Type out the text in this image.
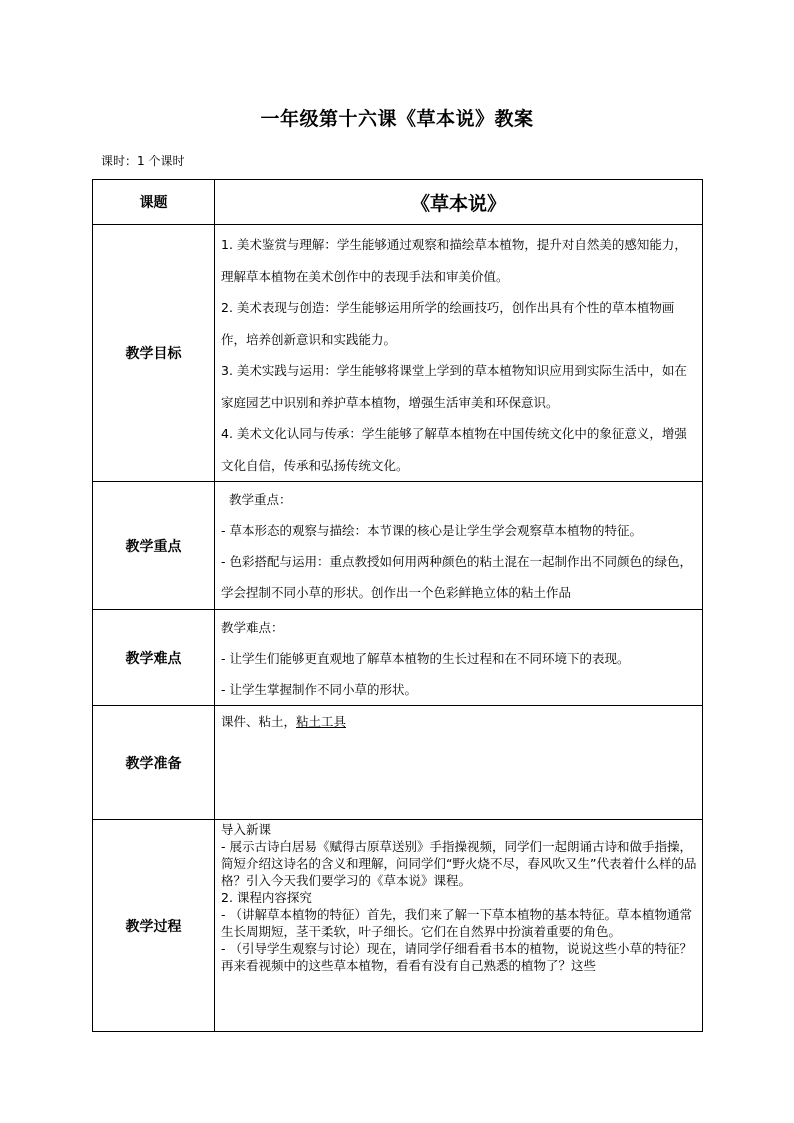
一年级第十六课《草本说》教案
课时：1 个课时
课题	《草本说》
教学目标	1. 美术鉴赏与理解：学生能够通过观察和描绘草本植物，提升对自然美的感知能力，理解草本植物在美术创作中的表现手法和审美价值。

2. 美术表现与创造：学生能够运用所学的绘画技巧，创作出具有个性的草本植物画作，培养创新意识和实践能力。

3. 美术实践与运用：学生能够将课堂上学到的草本植物知识应用到实际生活中，如在家庭园艺中识别和养护草本植物，增强生活审美和环保意识。

4. 美术文化认同与传承：学生能够了解草本植物在中国传统文化中的象征意义，增强文化自信，传承和弘扬传统文化。

教学重点	教学重点：

- 草本形态的观察与描绘：本节课的核心是让学生学会观察草本植物的特征。

- 色彩搭配与运用：重点教授如何用两种颜色的粘土混在一起制作出不同颜色的绿色，学会捏制不同小草的形状。创作出一个色彩鲜艳立体的粘土作品

教学难点	教学难点：

- 让学生们能够更直观地了解草本植物的生长过程和在不同环境下的表现。

- 让学生掌握制作不同小草的形状。

教学准备	课件、粘土，粘土工具

教学过程	导入新课

- 展示古诗白居易《赋得古原草送别》手指操视频，同学们一起朗诵古诗和做手指操，简短介绍这诗名的含义和理解，问同学们“野火烧不尽，春风吹又生”代表着什么样的品格？引入今天我们要学习的《草本说》课程。

2. 课程内容探究

- （讲解草本植物的特征）首先，我们来了解一下草本植物的基本特征。草本植物通常生长周期短，茎干柔软，叶子细长。它们在自然界中扮演着重要的角色。

- （引导学生观察与讨论）现在，请同学仔细看看书本的植物，说说这些小草的特征？再来看视频中的这些草本植物，看看有没有自己熟悉的植物了？这些
